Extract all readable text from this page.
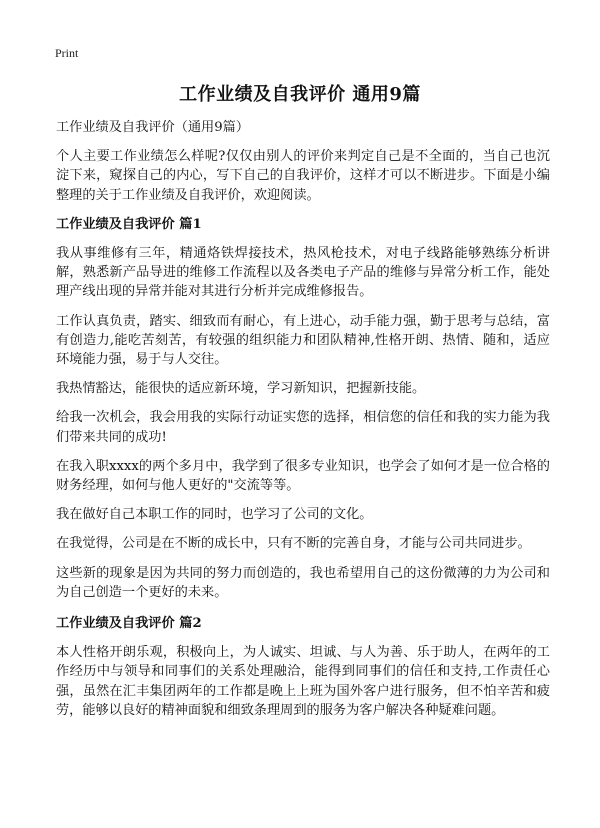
Print
工作业绩及自我评价 通用9篇

工作业绩及自我评价（通用9篇）

个人主要工作业绩怎么样呢?仅仅由别人的评价来判定自己是不全面的，当自己也沉淀下来，窥探自己的内心，写下自己的自我评价，这样才可以不断进步。下面是小编整理的关于工作业绩及自我评价，欢迎阅读。

工作业绩及自我评价 篇1

我从事维修有三年，精通烙铁焊接技术，热风枪技术，对电子线路能够熟练分析讲解，熟悉新产品导进的维修工作流程以及各类电子产品的维修与异常分析工作，能处理产线出现的异常并能对其进行分析并完成维修报告。

工作认真负责，踏实、细致而有耐心，有上进心，动手能力强，勤于思考与总结，富有创造力,能吃苦刻苦，有较强的组织能力和团队精神,性格开朗、热情、随和，适应环境能力强，易于与人交往。

我热情豁达，能很快的适应新环境，学习新知识，把握新技能。

给我一次机会，我会用我的实际行动证实您的选择，相信您的信任和我的实力能为我们带来共同的成功!

在我入职xxxx的两个多月中，我学到了很多专业知识，也学会了如何才是一位合格的财务经理，如何与他人更好的"交流等等。

我在做好自己本职工作的同时，也学习了公司的文化。

在我觉得，公司是在不断的成长中，只有不断的完善自身，才能与公司共同进步。

这些新的现象是因为共同的努力而创造的，我也希望用自己的这份微薄的力为公司和为自己创造一个更好的未来。

工作业绩及自我评价 篇2

本人性格开朗乐观，积极向上，为人诚实、坦诚、与人为善、乐于助人，在两年的工作经历中与领导和同事们的关系处理融洽，能得到同事们的信任和支持,工作责任心强，虽然在汇丰集团两年的工作都是晚上上班为国外客户进行服务，但不怕辛苦和疲劳，能够以良好的精神面貌和细致条理周到的服务为客户解决各种疑难问题。
